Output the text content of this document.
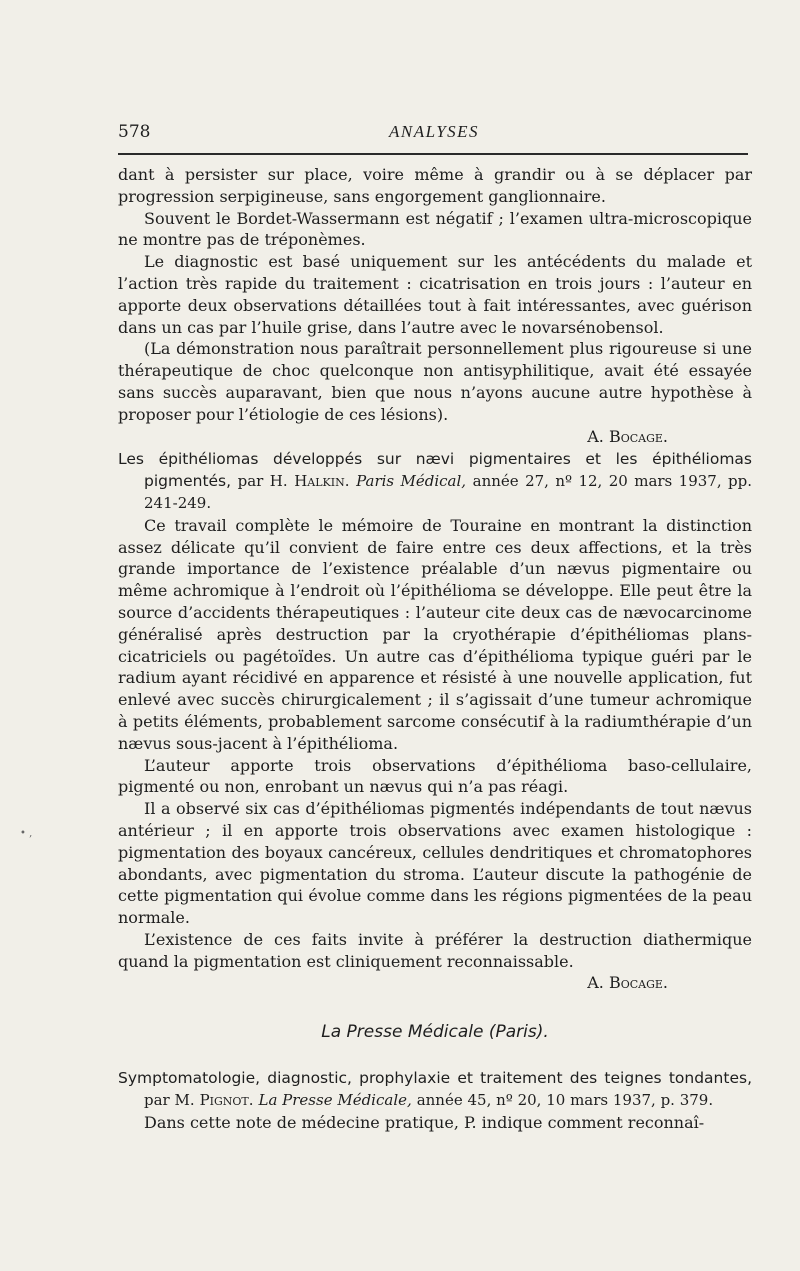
578	ANALYSES
• ,

dant à persister sur place, voire même à grandir ou à se déplacer par progression serpigineuse, sans engorgement ganglionnaire.

Souvent le Bordet-Wassermann est négatif ; l’examen ultra-microscopique ne montre pas de tréponèmes.

Le diagnostic est basé uniquement sur les antécédents du malade et l’action très rapide du traitement : cicatrisation en trois jours : l’auteur en apporte deux observations détaillées tout à fait intéressantes, avec guérison dans un cas par l’huile grise, dans l’autre avec le novarsénobensol.

(La démonstration nous paraîtrait personnellement plus rigoureuse si une thérapeutique de choc quelconque non antisyphilitique, avait été essayée sans succès auparavant, bien que nous n’ayons aucune autre hypothèse à proposer pour l’étiologie de ces lésions).

A. Bocage.

Les épithéliomas développés sur nævi pigmentaires et les épithéliomas pigmentés, par H. Halkin. Paris Médical, année 27, nº 12, 20 mars 1937, pp. 241-249.

Ce travail complète le mémoire de Touraine en montrant la distinction assez délicate qu’il convient de faire entre ces deux affections, et la très grande importance de l’existence préalable d’un nævus pigmentaire ou même achromique à l’endroit où l’épithélioma se développe. Elle peut être la source d’accidents thérapeutiques : l’auteur cite deux cas de nævocarcinome généralisé après destruction par la cryothérapie d’épithéliomas plans-cicatriciels ou pagétoïdes. Un autre cas d’épithélioma typique guéri par le radium ayant récidivé en apparence et résisté à une nouvelle application, fut enlevé avec succès chirurgicalement ; il s’agissait d’une tumeur achromique à petits éléments, probablement sarcome consécutif à la radiumthérapie d’un nævus sous-jacent à l’épithélioma.

L’auteur apporte trois observations d’épithélioma baso-cellulaire, pigmenté ou non, enrobant un nævus qui n’a pas réagi.

Il a observé six cas d’épithéliomas pigmentés indépendants de tout nævus antérieur ; il en apporte trois observations avec examen histologique : pigmentation des boyaux cancéreux, cellules dendritiques et chromatophores abondants, avec pigmentation du stroma. L’auteur discute la pathogénie de cette pigmentation qui évolue comme dans les régions pigmentées de la peau normale.

L’existence de ces faits invite à préférer la destruction diathermique quand la pigmentation est cliniquement reconnaissable.

A. Bocage.

La Presse Médicale (Paris).

Symptomatologie, diagnostic, prophylaxie et traitement des teignes tondantes, par M. Pignot. La Presse Médicale, année 45, nº 20, 10 mars 1937, p. 379.

Dans cette note de médecine pratique, P. indique comment reconnaî-
